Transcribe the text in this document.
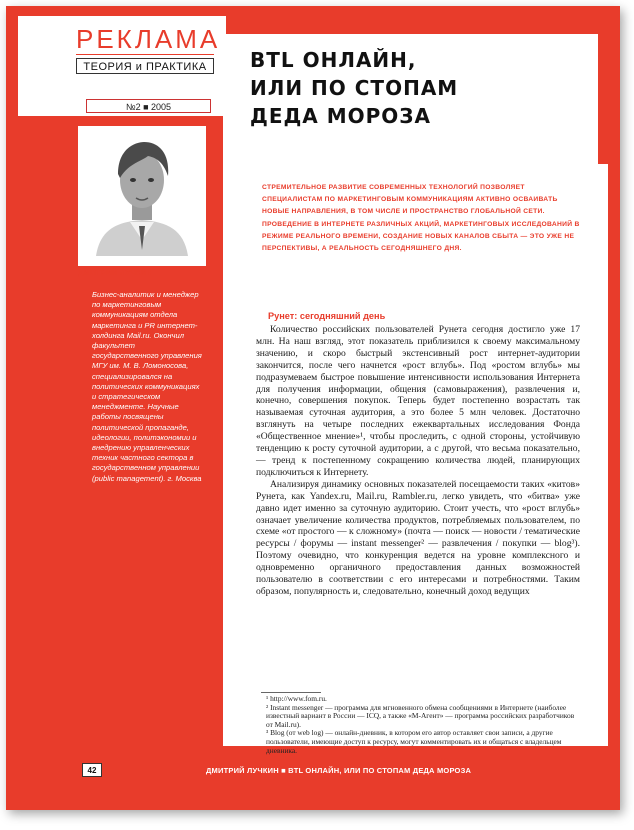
РЕКЛАМА
ТЕОРИЯ и ПРАКТИКА
№2 ■ 2005
ДМИТРИЙ ЛУЧКИН
Бизнес-аналитик и менеджер по маркетинговым коммуникациям отдела маркетинга и PR интернет-холдинга Mail.ru. Окончил факультет государственного управления МГУ им. М. В. Ломоносова, специализировался на политических коммуникациях и стратегическом менеджменте. Научные работы посвящены политической пропаганде, идеологии, политэкономии и внедрению управленческих техник частного сектора в государственном управлении (public management). г. Москва
BTL ОНЛАЙН,
ИЛИ ПО СТОПАМ
ДЕДА МОРОЗА
СТРЕМИТЕЛЬНОЕ РАЗВИТИЕ СОВРЕМЕННЫХ ТЕХНОЛОГИЙ ПОЗВОЛЯЕТ СПЕЦИАЛИСТАМ ПО МАРКЕТИНГОВЫМ КОММУНИКАЦИЯМ АКТИВНО ОСВАИВАТЬ НОВЫЕ НАПРАВЛЕНИЯ, В ТОМ ЧИСЛЕ И ПРОСТРАНСТВО ГЛОБАЛЬНОЙ СЕТИ. ПРОВЕДЕНИЕ В ИНТЕРНЕТЕ РАЗЛИЧНЫХ АКЦИЙ, МАРКЕТИНГОВЫХ ИССЛЕДОВАНИЙ В РЕЖИМЕ РЕАЛЬНОГО ВРЕМЕНИ, СОЗДАНИЕ НОВЫХ КАНАЛОВ СБЫТА — ЭТО УЖЕ НЕ ПЕРСПЕКТИВЫ, А РЕАЛЬНОСТЬ СЕГОДНЯШНЕГО ДНЯ.
Рунет: сегодняшний день

Количество российских пользователей Рунета сегодня достигло уже 17 млн. На наш взгляд, этот показатель приблизился к своему максимальному значению, и скоро быстрый экстенсивный рост интернет-аудитории закончится, после чего начнется «рост вглубь». Под «ростом вглубь» мы подразумеваем быстрое повышение интенсивности использования Интернета для получения информации, общения (самовыражения), развлечения и, конечно, совершения покупок. Теперь будет постепенно возрастать так называемая суточная аудитория, а это более 5 млн человек. Достаточно взглянуть на четыре последних ежеквартальных исследования Фонда «Общественное мнение»¹, чтобы проследить, с одной стороны, устойчивую тенденцию к росту суточной аудитории, а с другой, что весьма показательно, — тренд к постепенному сокращению количества людей, планирующих подключиться к Интернету.

Анализируя динамику основных показателей посещаемости таких «китов» Рунета, как Yandex.ru, Mail.ru, Rambler.ru, легко увидеть, что «битва» уже давно идет именно за суточную аудиторию. Стоит учесть, что «рост вглубь» означает увеличение количества продуктов, потребляемых пользователем, по схеме «от простого — к сложному» (почта — поиск — новости / тематические ресурсы / форумы — instant messenger² — развлечения / покупки — blog³). Поэтому очевидно, что конкуренция ведется на уровне комплексного и одновременно органичного предоставления данных возможностей пользователю в соответствии с его интересами и потребностями. Таким образом, популярность и, следовательно, конечный доход ведущих

¹ http://www.fom.ru.
² Instant messenger — программа для мгновенного обмена сообщениями в Интернете (наиболее известный вариант в России — ICQ, а также «M-Агент» — программа российских разработчиков от Mail.ru).
³ Blog (от web log) — онлайн-дневник, в котором его автор оставляет свои записи, а другие пользователи, имеющие доступ к ресурсу, могут комментировать их и общаться с владельцем дневника.
42	ДМИТРИЙ ЛУЧКИН ■ BTL ОНЛАЙН, ИЛИ ПО СТОПАМ ДЕДА МОРОЗА
